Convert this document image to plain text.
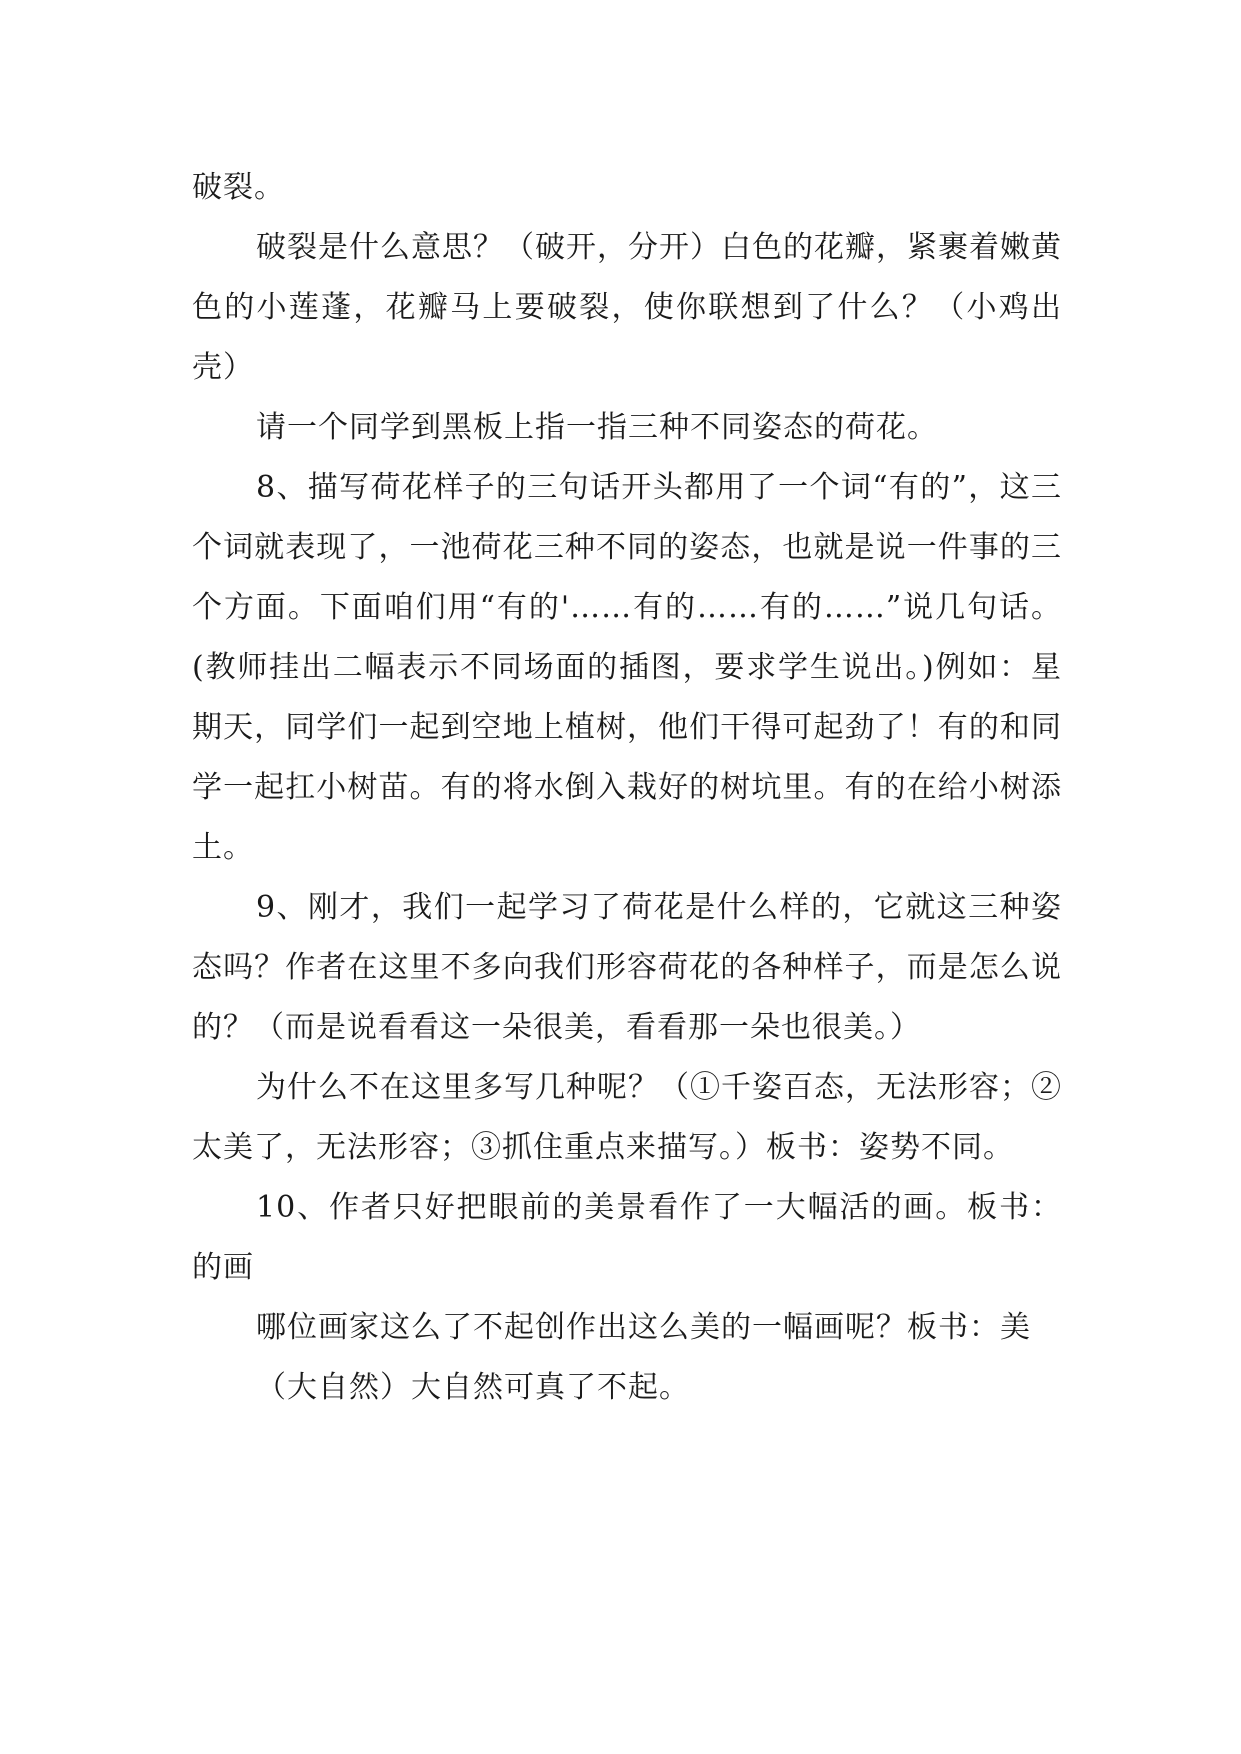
破裂。

破裂是什么意思？（破开，分开）白色的花瓣，紧裹着嫩黄色的小莲蓬，花瓣马上要破裂，使你联想到了什么？（小鸡出壳）

请一个同学到黑板上指一指三种不同姿态的荷花。

8、描写荷花样子的三句话开头都用了一个词“有的”，这三个词就表现了，一池荷花三种不同的姿态，也就是说一件事的三个方面。下面咱们用“有的'……有的……有的……”说几句话。(教师挂出二幅表示不同场面的插图，要求学生说出。)例如：星期天，同学们一起到空地上植树，他们干得可起劲了！有的和同学一起扛小树苗。有的将水倒入栽好的树坑里。有的在给小树添土。

9、刚才，我们一起学习了荷花是什么样的，它就这三种姿态吗？作者在这里不多向我们形容荷花的各种样子，而是怎么说的？（而是说看看这一朵很美，看看那一朵也很美。）

为什么不在这里多写几种呢？（①千姿百态，无法形容；②太美了，无法形容；③抓住重点来描写。）板书：姿势不同。

10、作者只好把眼前的美景看作了一大幅活的画。板书：的画

哪位画家这么了不起创作出这么美的一幅画呢？板书：美

（大自然）大自然可真了不起。
